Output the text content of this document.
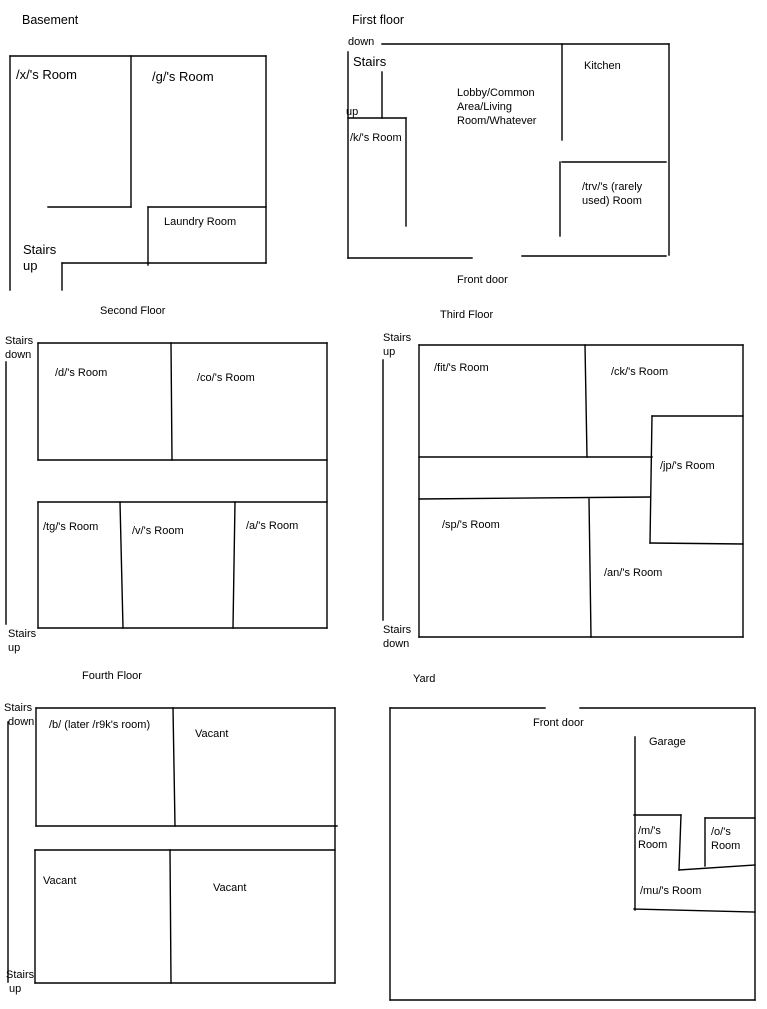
Basement
/x/'s Room	/g/'s Room
Laundry Room
Stairs
up
First floor
down
Stairs
up
Lobby/Common
Area/Living
Room/Whatever
Kitchen
/k/'s Room
/trv/'s (rarely
used) Room
Front door
Second Floor
Stairs
down
/d/'s Room	/co/'s Room
/tg/'s Room	/v/'s Room	/a/'s Room
Stairs
up
Third Floor
Stairs
up
/fit/'s Room	/ck/'s Room
/jp/'s Room
/sp/'s Room
/an/'s Room
Stairs
down
Fourth Floor
Stairs
down /b/ (later /r9k's room)
Vacant
Vacant
Vacant
Stairs
up
Yard
Front door
Garage
/m/'s
Room
/o/'s
Room
/mu/'s Room
